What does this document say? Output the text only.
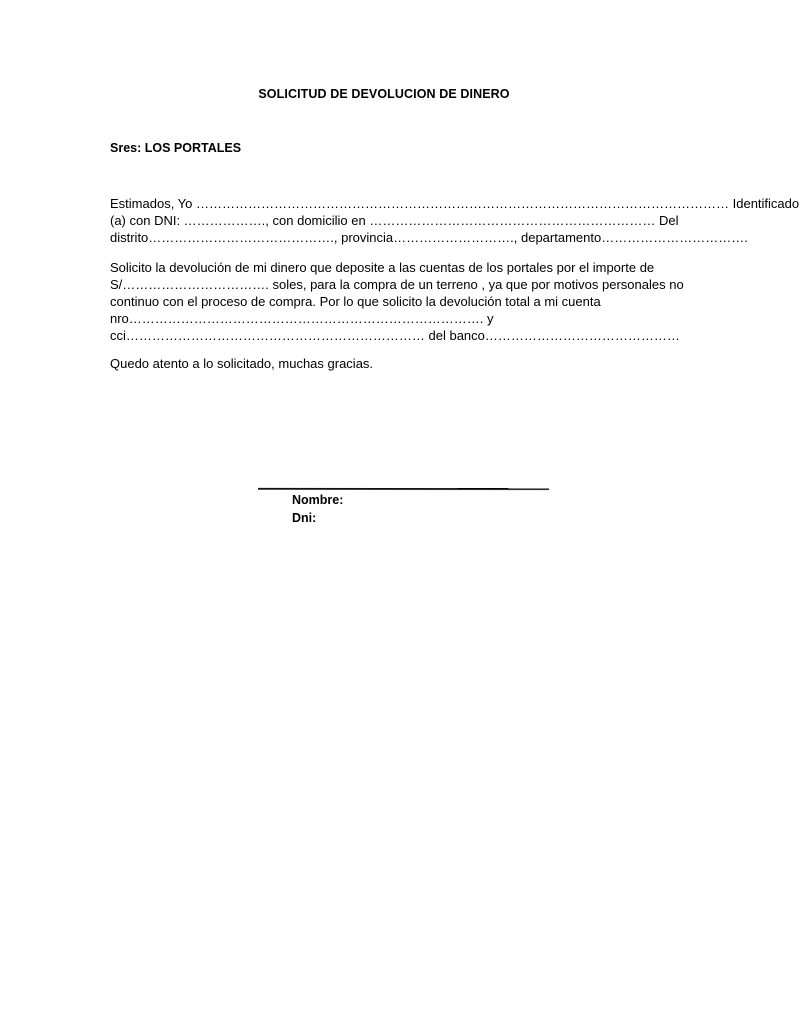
SOLICITUD DE DEVOLUCION DE DINERO
Sres: LOS PORTALES
Estimados, Yo …………………………………………………………………………………………………………… Identificado
(a) con DNI: ………………., con domicilio en ………………………………………………………… Del
distrito……………………………………., provincia………………………., departamento…………………………….
Solicito la devolución de mi dinero que deposite a las cuentas de los portales por el importe de
S/……………………………. soles, para la compra de un terreno , ya que por motivos personales no
continuo con el proceso de compra. Por lo que solicito la devolución total a mi cuenta
nro………………………………………………………………………. y
cci…………………………………………………………… del banco………………………………………
Quedo atento a lo solicitado, muchas gracias.
Nombre:
Dni:
